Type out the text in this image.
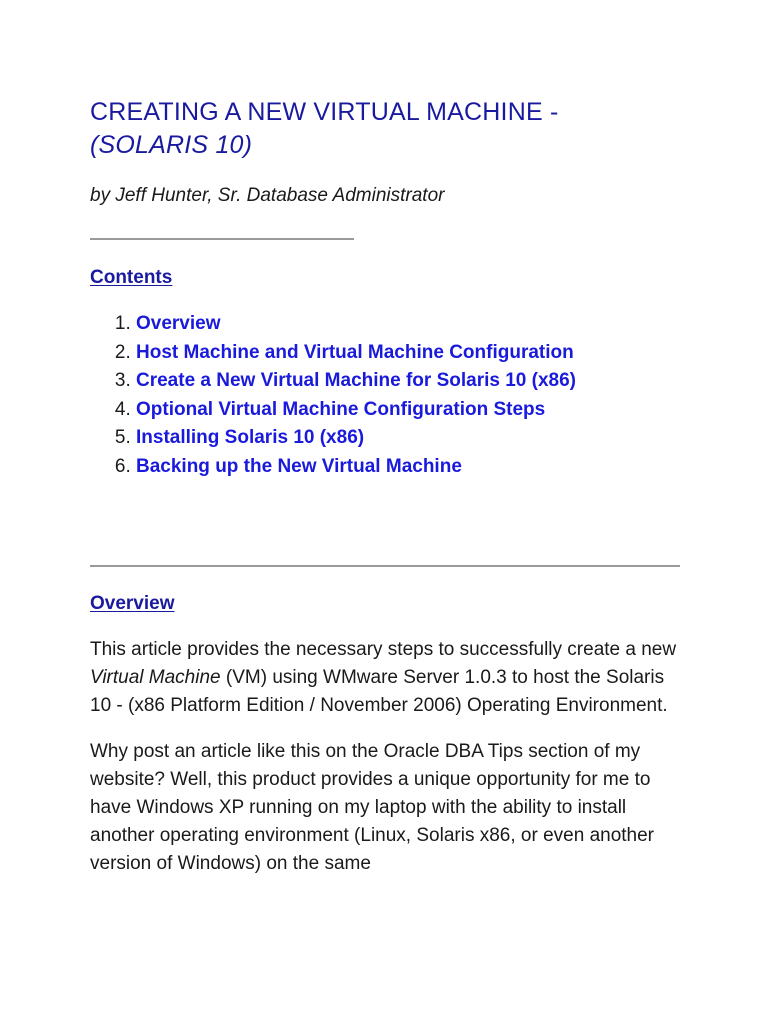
CREATING A NEW VIRTUAL MACHINE -
(SOLARIS 10)

by Jeff Hunter, Sr. Database Administrator

Contents
1. Overview
2. Host Machine and Virtual Machine Configuration
3. Create a New Virtual Machine for Solaris 10 (x86)
4. Optional Virtual Machine Configuration Steps
5. Installing Solaris 10 (x86)
6. Backing up the New Virtual Machine
Overview

This article provides the necessary steps to successfully create a new Virtual Machine (VM) using WMware Server 1.0.3 to host the Solaris 10 - (x86 Platform Edition / November 2006) Operating Environment.

Why post an article like this on the Oracle DBA Tips section of my website? Well, this product provides a unique opportunity for me to have Windows XP running on my laptop with the ability to install another operating environment (Linux, Solaris x86, or even another version of Windows) on the same
